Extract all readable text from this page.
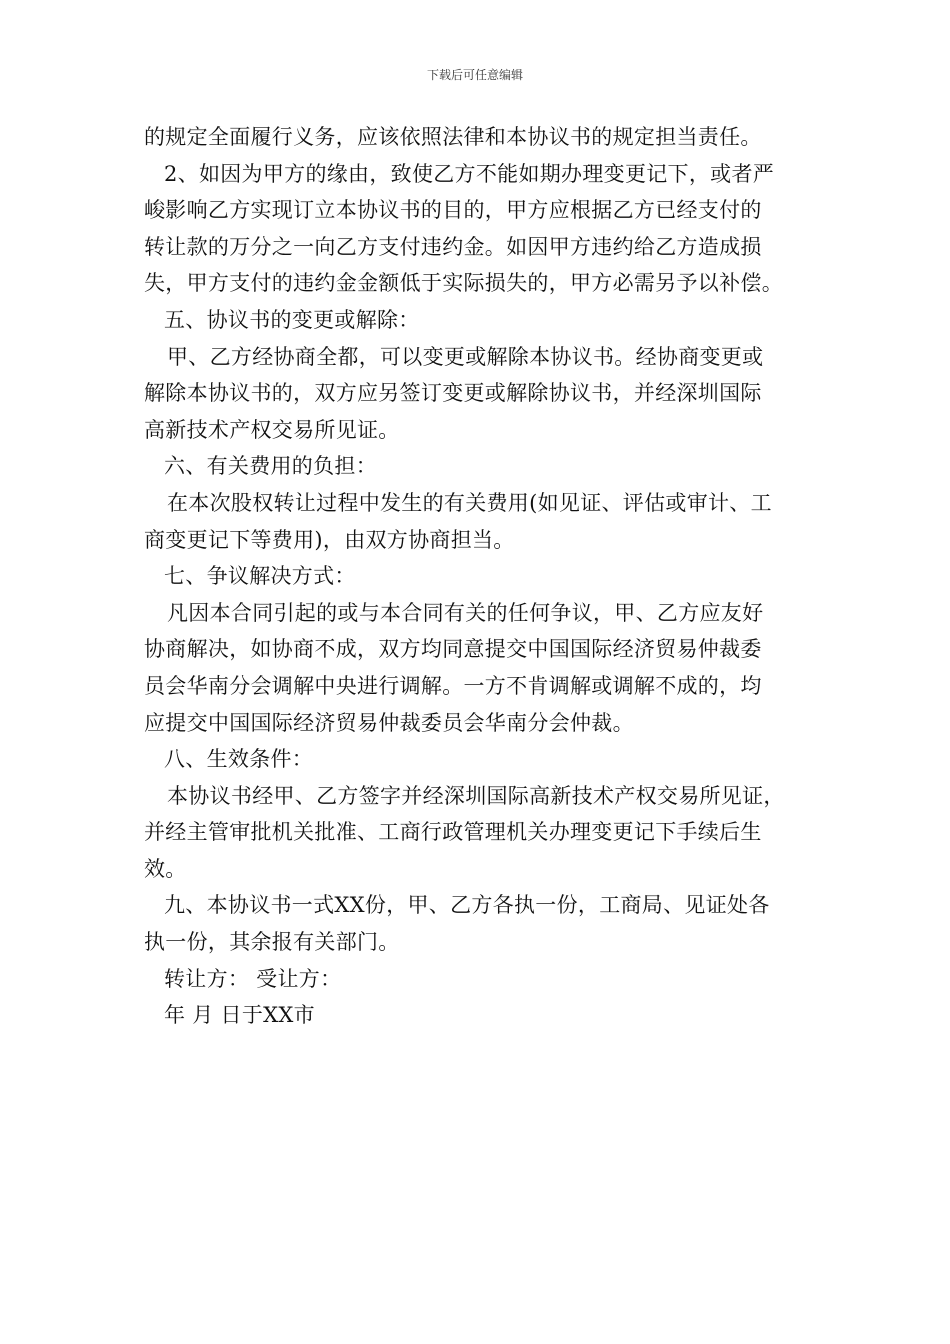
下载后可任意编辑
的规定全面履行义务，应该依照法律和本协议书的规定担当责任。
2、如因为甲方的缘由，致使乙方不能如期办理变更记下，或者严
峻影响乙方实现订立本协议书的目的，甲方应根据乙方已经支付的
转让款的万分之一向乙方支付违约金。如因甲方违约给乙方造成损
失，甲方支付的违约金金额低于实际损失的，甲方必需另予以补偿。
五、协议书的变更或解除：
甲、乙方经协商全都，可以变更或解除本协议书。经协商变更或
解除本协议书的，双方应另签订变更或解除协议书，并经深圳国际
高新技术产权交易所见证。
六、有关费用的负担：
在本次股权转让过程中发生的有关费用(如见证、评估或审计、工
商变更记下等费用)，由双方协商担当。
七、争议解决方式：
凡因本合同引起的或与本合同有关的任何争议，甲、乙方应友好
协商解决，如协商不成，双方均同意提交中国国际经济贸易仲裁委
员会华南分会调解中央进行调解。一方不肯调解或调解不成的，均
应提交中国国际经济贸易仲裁委员会华南分会仲裁。
八、生效条件：
本协议书经甲、乙方签字并经深圳国际高新技术产权交易所见证，
并经主管审批机关批准、工商行政管理机关办理变更记下手续后生
效。
九、本协议书一式XX份，甲、乙方各执一份，工商局、见证处各
执一份，其余报有关部门。
转让方： 受让方：
年 月 日于XX市
